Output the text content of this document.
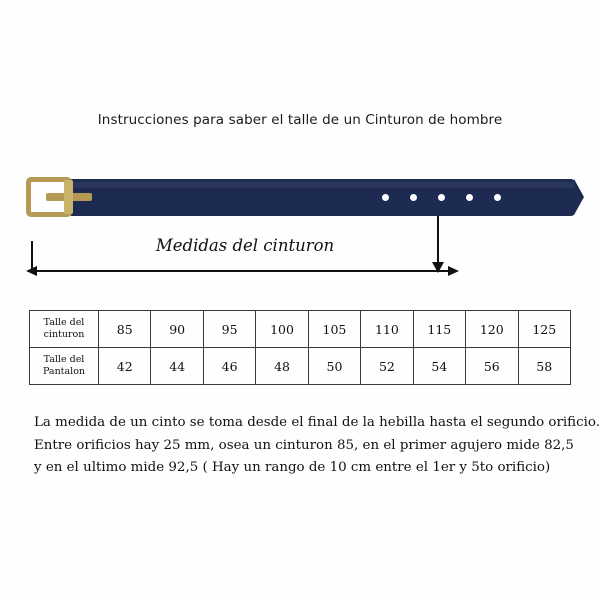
Instrucciones para saber el talle de un Cinturon de hombre
Medidas del cinturon
Talle del cinturon	85	90	95	100	105	110	115	120	125
Talle del Pantalon	42	44	46	48	50	52	54	56	58
La medida de un cinto se toma desde el final de la hebilla hasta el segundo orificio.
Entre orificios hay 25 mm, osea un cinturon 85, en el primer agujero mide 82,5
y en el ultimo mide 92,5 ( Hay un rango de 10 cm entre el 1er y 5to orificio)
